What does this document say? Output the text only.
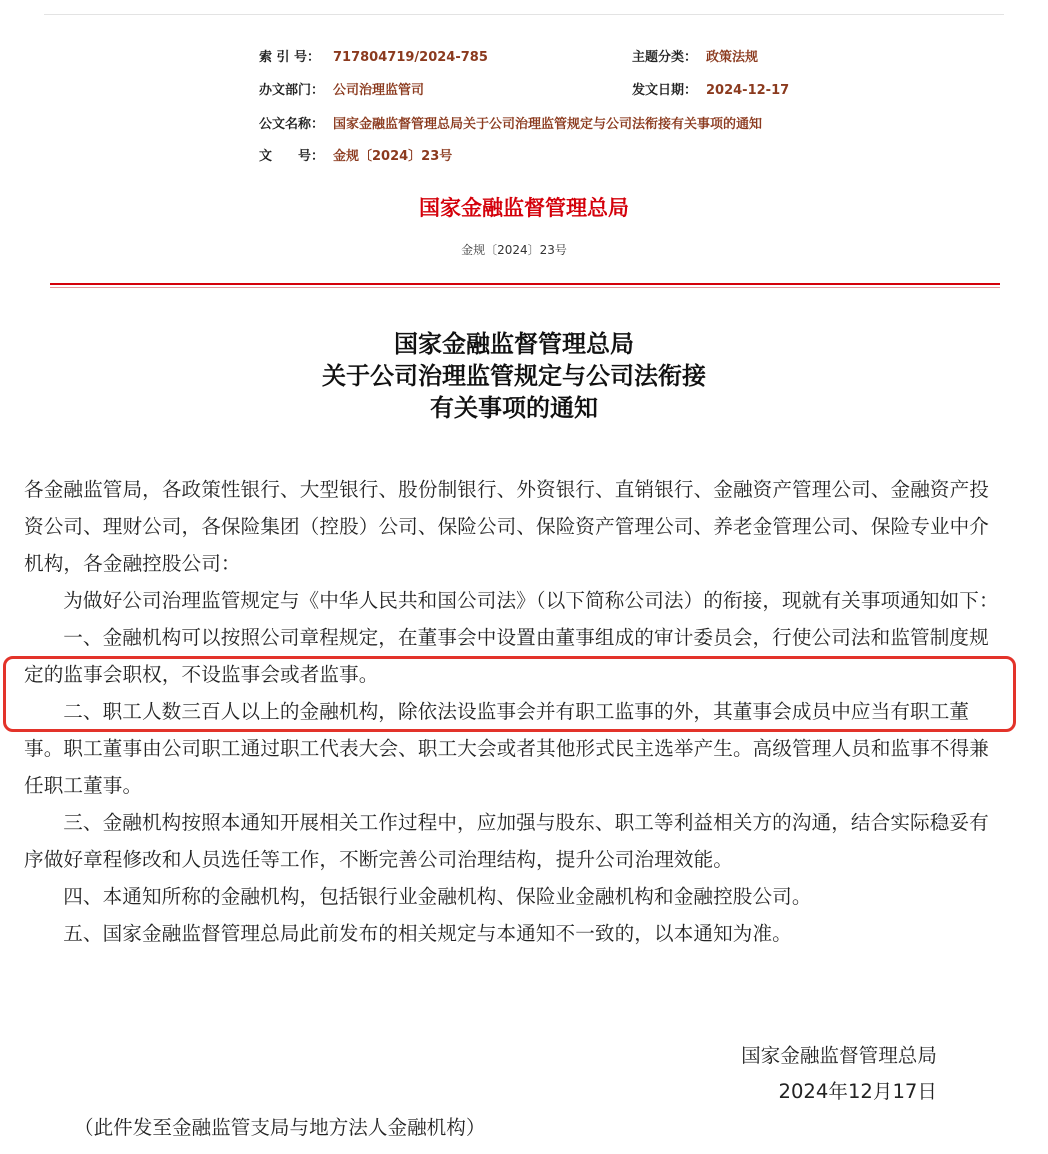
索 引 号： 717804719/2024-785
办文部门： 公司治理监管司
公文名称： 国家金融监督管理总局关于公司治理监管规定与公司法衔接有关事项的通知
文　　号： 金规〔2024〕23号
主题分类： 政策法规
发文日期： 2024-12-17
国家金融监督管理总局
金规〔2024〕23号
国家金融监督管理总局
关于公司治理监管规定与公司法衔接
有关事项的通知

各金融监管局，各政策性银行、大型银行、股份制银行、外资银行、直销银行、金融资产管理公司、金融资产投资公司、理财公司，各保险集团（控股）公司、保险公司、保险资产管理公司、养老金管理公司、保险专业中介机构，各金融控股公司：

为做好公司治理监管规定与《中华人民共和国公司法》（以下简称公司法）的衔接，现就有关事项通知如下：

一、金融机构可以按照公司章程规定，在董事会中设置由董事组成的审计委员会，行使公司法和监管制度规定的监事会职权，不设监事会或者监事。

二、职工人数三百人以上的金融机构，除依法设监事会并有职工监事的外，其董事会成员中应当有职工董事。职工董事由公司职工通过职工代表大会、职工大会或者其他形式民主选举产生。高级管理人员和监事不得兼任职工董事。

三、金融机构按照本通知开展相关工作过程中，应加强与股东、职工等利益相关方的沟通，结合实际稳妥有序做好章程修改和人员选任等工作，不断完善公司治理结构，提升公司治理效能。

四、本通知所称的金融机构，包括银行业金融机构、保险业金融机构和金融控股公司。

五、国家金融监督管理总局此前发布的相关规定与本通知不一致的，以本通知为准。

国家金融监督管理总局
2024年12月17日
（此件发至金融监管支局与地方法人金融机构）
